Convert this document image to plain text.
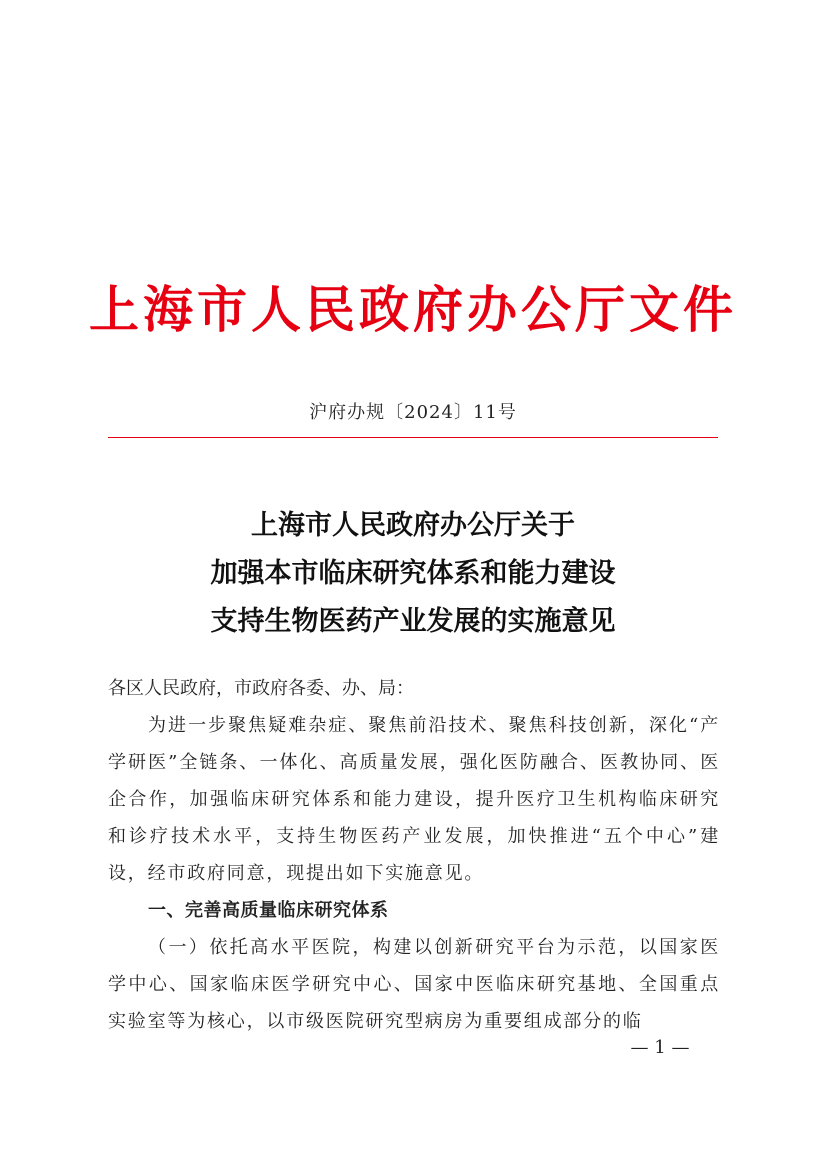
上海市人民政府办公厅文件
沪府办规〔2024〕11号
上海市人民政府办公厅关于
加强本市临床研究体系和能力建设
支持生物医药产业发展的实施意见

各区人民政府，市政府各委、办、局：

为进一步聚焦疑难杂症、聚焦前沿技术、聚焦科技创新，深化“产学研医”全链条、一体化、高质量发展，强化医防融合、医教协同、医企合作，加强临床研究体系和能力建设，提升医疗卫生机构临床研究和诊疗技术水平，支持生物医药产业发展，加快推进“五个中心”建设，经市政府同意，现提出如下实施意见。

一、完善高质量临床研究体系

（一）依托高水平医院，构建以创新研究平台为示范，以国家医学中心、国家临床医学研究中心、国家中医临床研究基地、全国重点实验室等为核心，以市级医院研究型病房为重要组成部分的临

— 1 —
